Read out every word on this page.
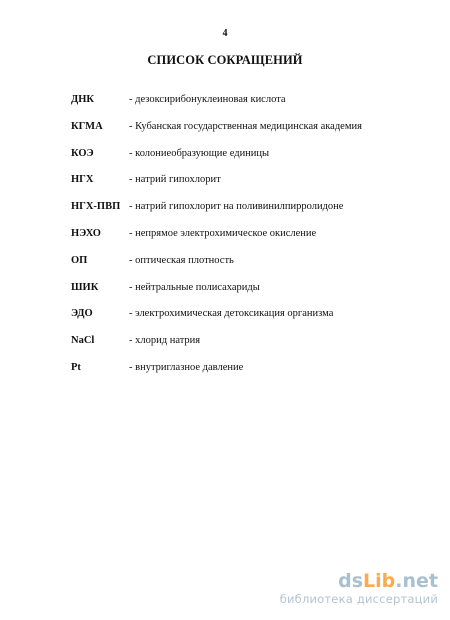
4
СПИСОК СОКРАЩЕНИЙ
ДНК	- дезоксирибонуклеиновая кислота
КГМА	- Кубанская государственная медицинская академия
КОЭ	- колониеобразующие единицы
НГХ	- натрий гипохлорит
НГХ-ПВП - натрий гипохлорит на поливинилпирролидоне
НЭХО	- непрямое электрохимическое окисление
ОП	- оптическая плотность
ШИК	- нейтральные полисахариды
ЭДО	- электрохимическая детоксикация организма
NaCl	- хлорид натрия
Pt	- внутриглазное давление
dsLib.net
библиотека диссертаций
